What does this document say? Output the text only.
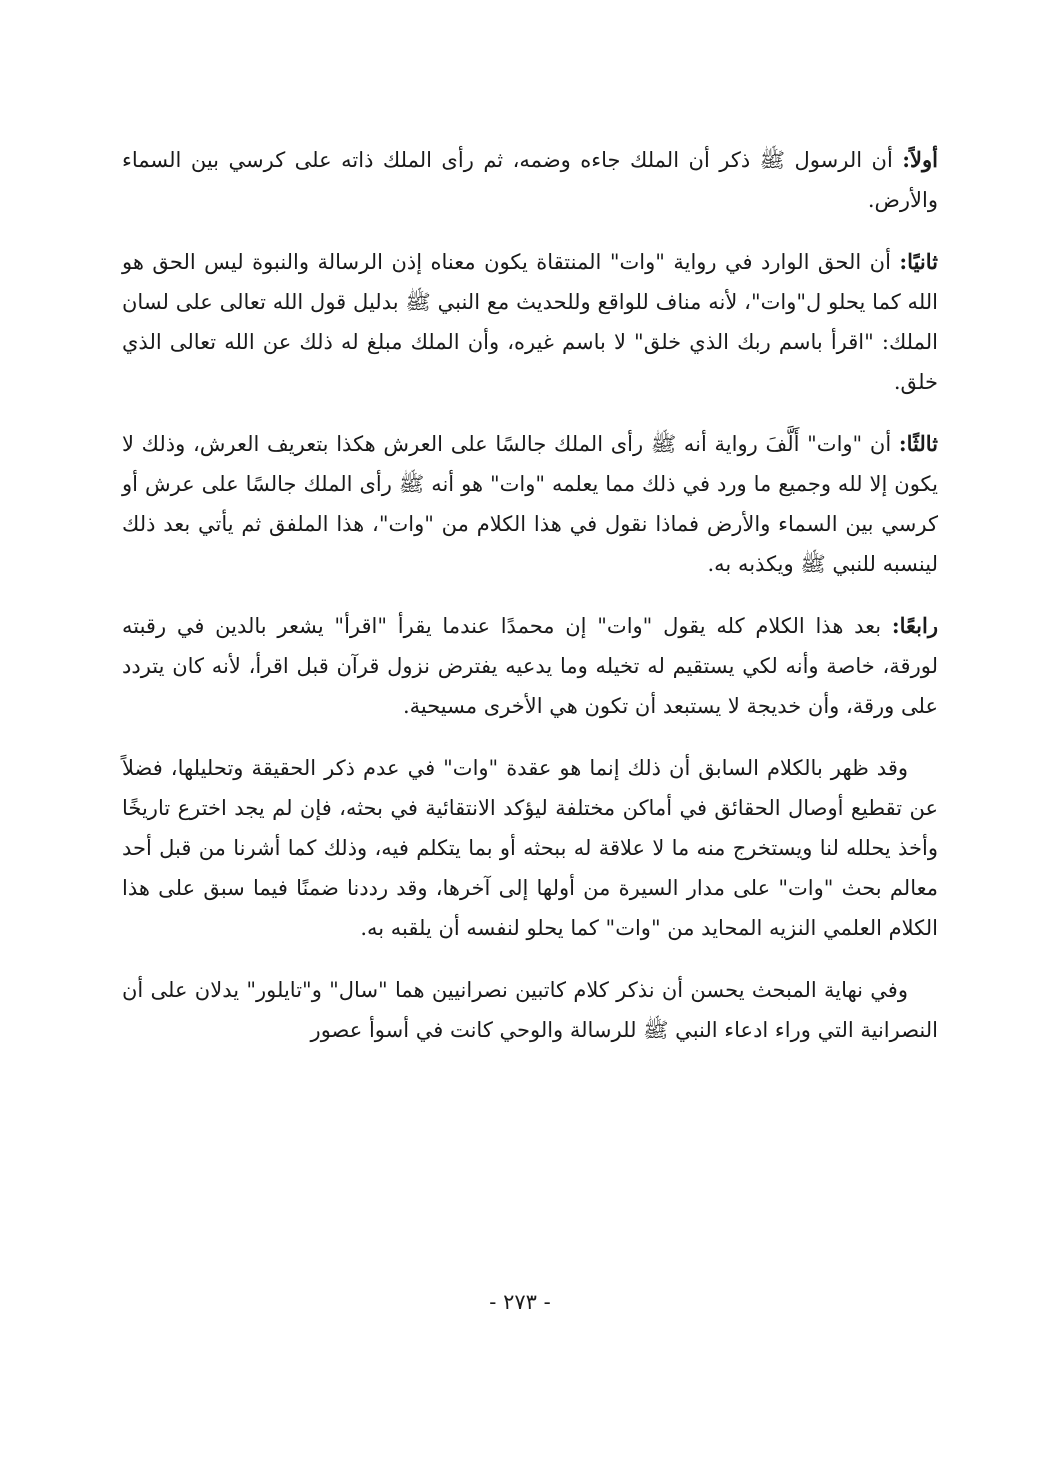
أولاً: أن الرسول ﷺ ذكر أن الملك جاءه وضمه، ثم رأى الملك ذاته على كرسي بين السماء والأرض.

ثانيًا: أن الحق الوارد في رواية "وات" المنتقاة يكون معناه إذن الرسالة والنبوة ليس الحق هو الله كما يحلو ل"وات"، لأنه مناف للواقع وللحديث مع النبي ﷺ بدليل قول الله تعالى على لسان الملك: "اقرأ باسم ربك الذي خلق" لا باسم غيره، وأن الملك مبلغ له ذلك عن الله تعالى الذي خلق.

ثالثًا: أن "وات" أَلَّفَ رواية أنه ﷺ رأى الملك جالسًا على العرش هكذا بتعريف العرش، وذلك لا يكون إلا لله وجميع ما ورد في ذلك مما يعلمه "وات" هو أنه ﷺ رأى الملك جالسًا على عرش أو كرسي بين السماء والأرض فماذا نقول في هذا الكلام من "وات"، هذا الملفق ثم يأتي بعد ذلك لينسبه للنبي ﷺ ويكذبه به.

رابعًا: بعد هذا الكلام كله يقول "وات" إن محمدًا عندما يقرأ "اقرأ" يشعر بالدين في رقبته لورقة، خاصة وأنه لكي يستقيم له تخيله وما يدعيه يفترض نزول قرآن قبل اقرأ، لأنه كان يتردد على ورقة، وأن خديجة لا يستبعد أن تكون هي الأخرى مسيحية.

وقد ظهر بالكلام السابق أن ذلك إنما هو عقدة "وات" في عدم ذكر الحقيقة وتحليلها، فضلاً عن تقطيع أوصال الحقائق في أماكن مختلفة ليؤكد الانتقائية في بحثه، فإن لم يجد اخترع تاريخًا وأخذ يحلله لنا ويستخرج منه ما لا علاقة له ببحثه أو بما يتكلم فيه، وذلك كما أشرنا من قبل أحد معالم بحث "وات" على مدار السيرة من أولها إلى آخرها، وقد رددنا ضمنًا فيما سبق على هذا الكلام العلمي النزيه المحايد من "وات" كما يحلو لنفسه أن يلقبه به.

وفي نهاية المبحث يحسن أن نذكر كلام كاتبين نصرانيين هما "سال" و"تايلور" يدلان على أن النصرانية التي وراء ادعاء النبي ﷺ للرسالة والوحي كانت في أسوأ عصور

- ٢٧٣ -
